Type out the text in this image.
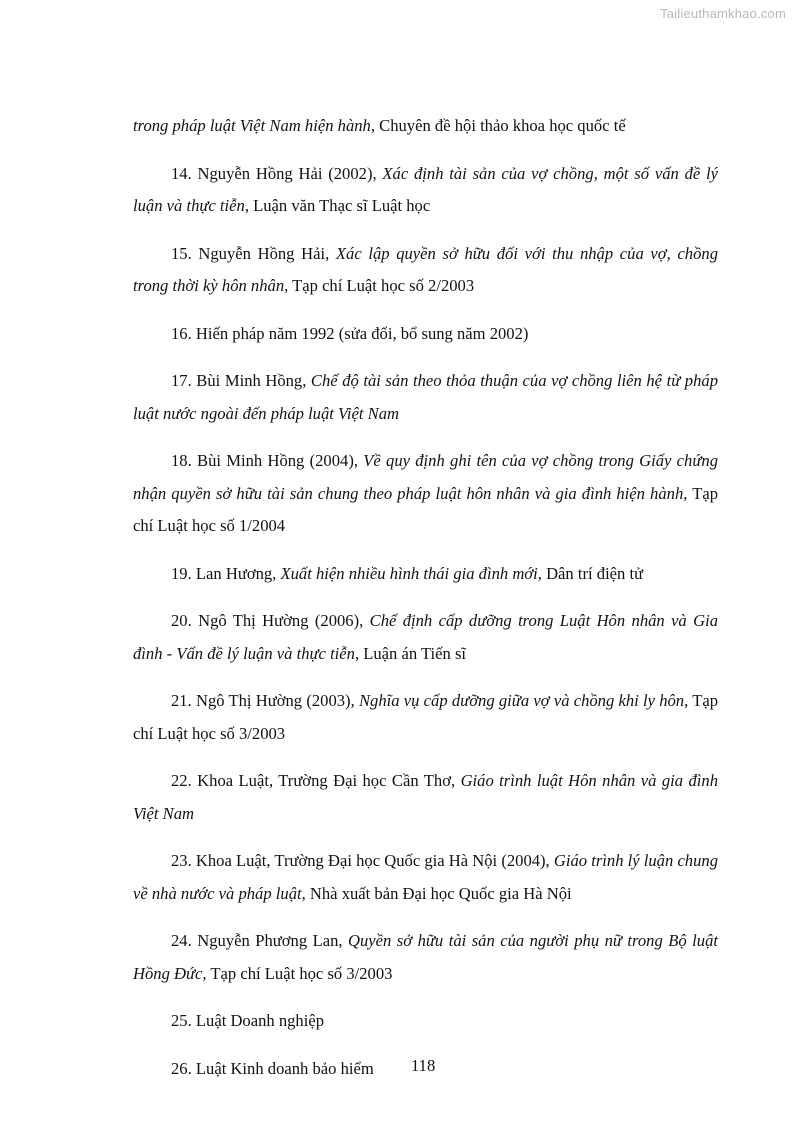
Tailieuthamkhao.com

trong pháp luật Việt Nam hiện hành, Chuyên đề hội thảo khoa học quốc tế

14. Nguyễn Hồng Hải (2002), Xác định tài sản của vợ chồng, một số vấn đề lý luận và thực tiễn, Luận văn Thạc sĩ Luật học

15. Nguyễn Hồng Hải, Xác lập quyền sở hữu đối với thu nhập của vợ, chồng trong thời kỳ hôn nhân, Tạp chí Luật học số 2/2003

16. Hiến pháp năm 1992 (sửa đổi, bổ sung năm 2002)

17. Bùi Minh Hồng, Chế độ tài sản theo thỏa thuận của vợ chồng liên hệ từ pháp luật nước ngoài đến pháp luật Việt Nam

18. Bùi Minh Hồng (2004), Về quy định ghi tên của vợ chồng trong Giấy chứng nhận quyền sở hữu tài sản chung theo pháp luật hôn nhân và gia đình hiện hành, Tạp chí Luật học số 1/2004

19. Lan Hương, Xuất hiện nhiều hình thái gia đình mới, Dân trí điện tử

20. Ngô Thị Hường (2006), Chế định cấp dưỡng trong Luật Hôn nhân và Gia đình - Vấn đề lý luận và thực tiễn, Luận án Tiến sĩ

21. Ngô Thị Hường (2003), Nghĩa vụ cấp dưỡng giữa vợ và chồng khi ly hôn, Tạp chí Luật học số 3/2003

22. Khoa Luật, Trường Đại học Cần Thơ, Giáo trình luật Hôn nhân và gia đình Việt Nam

23. Khoa Luật, Trường Đại học Quốc gia Hà Nội (2004), Giáo trình lý luận chung về nhà nước và pháp luật, Nhà xuất bản Đại học Quốc gia Hà Nội

24. Nguyễn Phương Lan, Quyền sở hữu tài sản của người phụ nữ trong Bộ luật Hồng Đức, Tạp chí Luật học số 3/2003

25. Luật Doanh nghiệp

26. Luật Kinh doanh bảo hiểm	118
